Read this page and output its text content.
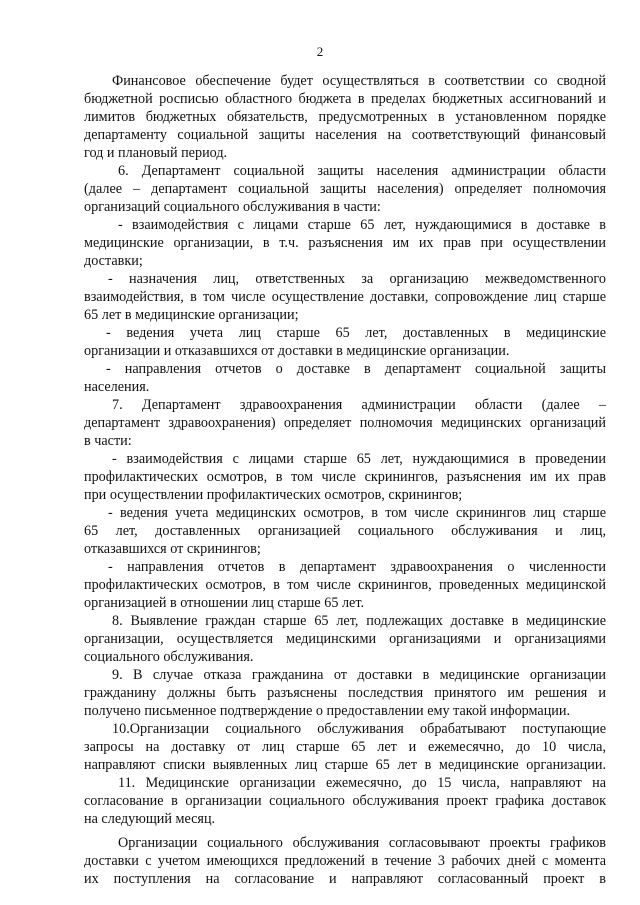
2
Финансовое обеспечение будет осуществляться в соответствии со сводной
бюджетной росписью областного бюджета в пределах бюджетных ассигнований и
лимитов бюджетных обязательств, предусмотренных в установленном порядке
департаменту социальной защиты населения на соответствующий финансовый
год и плановый период.
6. Департамент социальной защиты населения администрации области
(далее – департамент социальной защиты населения) определяет полномочия
организаций социального обслуживания в части:
- взаимодействия с лицами старше 65 лет, нуждающимися в доставке в
медицинские организации, в т.ч. разъяснения им их прав при осуществлении
доставки;
- назначения лиц, ответственных за организацию межведомственного
взаимодействия, в том числе осуществление доставки, сопровождение лиц старше
65 лет в медицинские организации;
- ведения учета лиц старше 65 лет, доставленных в медицинские
организации и отказавшихся от доставки в медицинские организации.
- направления отчетов о доставке в департамент социальной защиты
населения.
7. Департамент здравоохранения администрации области (далее –
департамент здравоохранения) определяет полномочия медицинских организаций
в части:
- взаимодействия с лицами старше 65 лет, нуждающимися в проведении
профилактических осмотров, в том числе скринингов, разъяснения им их прав
при осуществлении профилактических осмотров, скринингов;
- ведения учета медицинских осмотров, в том числе скринингов лиц старше
65 лет, доставленных организацией социального обслуживания и лиц,
отказавшихся от скринингов;
- направления отчетов в департамент здравоохранения о численности
профилактических осмотров, в том числе скринингов, проведенных медицинской
организацией в отношении лиц старше 65 лет.
8. Выявление граждан старше 65 лет, подлежащих доставке в медицинские
организации, осуществляется медицинскими организациями и организациями
социального обслуживания.
9. В случае отказа гражданина от доставки в медицинские организации
гражданину должны быть разъяснены последствия принятого им решения и
получено письменное подтверждение о предоставлении ему такой информации.
10.Организации социального обслуживания обрабатывают поступающие
запросы на доставку от лиц старше 65 лет и ежемесячно, до 10 числа,
направляют списки выявленных лиц старше 65 лет в медицинские организации.
11. Медицинские организации ежемесячно, до 15 числа, направляют на
согласование в организации социального обслуживания проект графика доставок
на следующий месяц.
Организации социального обслуживания согласовывают проекты графиков
доставки с учетом имеющихся предложений в течение 3 рабочих дней с момента
их поступления на согласование и направляют согласованный проект в
